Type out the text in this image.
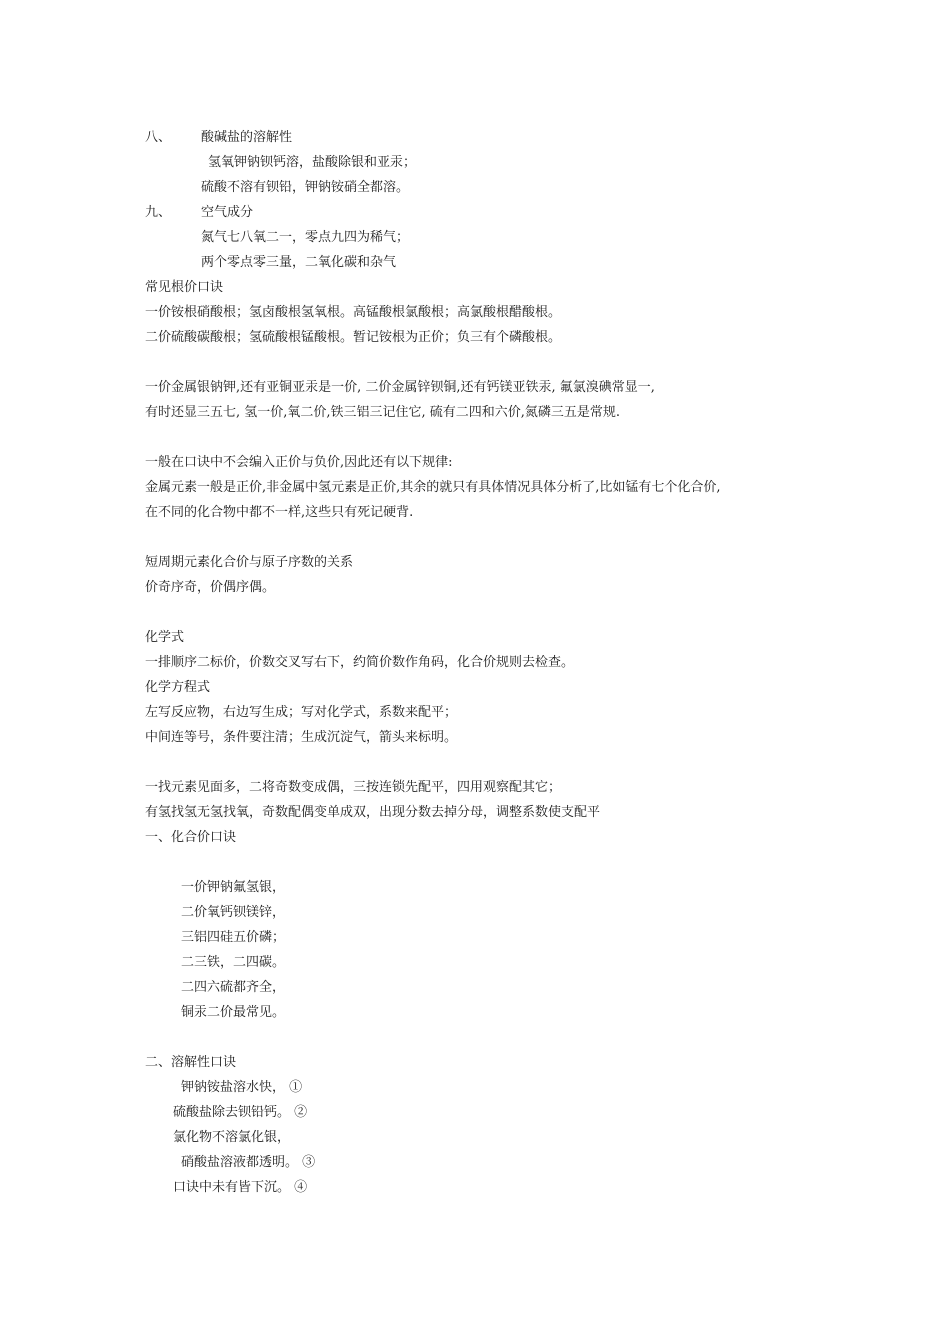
八、 酸碱盐的溶解性
氢氧钾钠钡钙溶，盐酸除银和亚汞；
硫酸不溶有钡铅，钾钠铵硝全都溶。
九、 空气成分
氮气七八氧二一，零点九四为稀气；
两个零点零三量，二氧化碳和杂气
常见根价口诀
一价铵根硝酸根；氢卤酸根氢氧根。高锰酸根氯酸根；高氯酸根醋酸根。
二价硫酸碳酸根；氢硫酸根锰酸根。暂记铵根为正价；负三有个磷酸根。
一价金属银钠钾,还有亚铜亚汞是一价, 二价金属锌钡铜,还有钙镁亚铁汞, 氟氯溴碘常显一,
有时还显三五七, 氢一价,氧二价,铁三铝三记住它, 硫有二四和六价,氮磷三五是常规.
一般在口诀中不会编入正价与负价,因此还有以下规律:
金属元素一般是正价,非金属中氢元素是正价,其余的就只有具体情况具体分析了,比如锰有七个化合价,
在不同的化合物中都不一样,这些只有死记硬背.
短周期元素化合价与原子序数的关系
价奇序奇，价偶序偶。
化学式
一排顺序二标价，价数交叉写右下，约简价数作角码，化合价规则去检查。
化学方程式
左写反应物，右边写生成；写对化学式，系数来配平；
中间连等号，条件要注清；生成沉淀气，箭头来标明。
一找元素见面多，二将奇数变成偶，三按连锁先配平，四用观察配其它；
有氢找氢无氢找氧，奇数配偶变单成双，出现分数去掉分母，调整系数使支配平
一、化合价口诀
一价钾钠氟氢银，
二价氧钙钡镁锌，
三铝四硅五价磷；
二三铁，二四碳。
二四六硫都齐全，
铜汞二价最常见。
二、溶解性口诀
钾钠铵盐溶水快， ①
硫酸盐除去钡铅钙。 ②
氯化物不溶氯化银，
硝酸盐溶液都透明。 ③
口诀中未有皆下沉。 ④
